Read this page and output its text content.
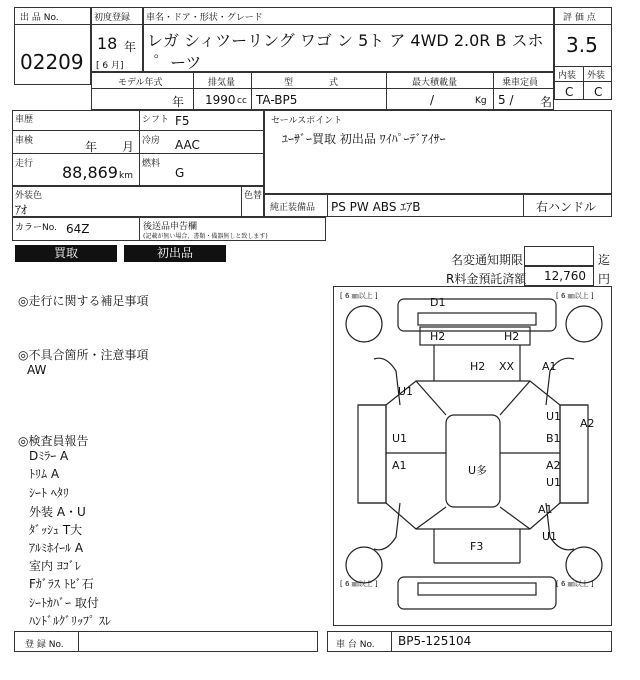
出 品 No.
02209
初度登録
18 年
[ 6 月]
車名・ドア・形状・グレード
レガ シィツーリング ワゴ ン 5ト ア 4WD 2.0R B スホ
゜ーツ
評 価 点
3.5
内装 外装
C C
モデル年式	排気量	型　　　　式	最大積載量	乗車定員
年 1990 cc TA-BP5	/	Kg 5 / 名
車歴
車検	年 月
走行 88,869 km
シフト F5
冷房 AAC
燃料
G
セールスポイント
ﾕｰｻﾞｰ買取 初出品 ﾜｲﾊﾟｰﾃﾞｱｲｻｰ
外装色
ｱｵ
色替
純正装備品 PS PW ABS ｴｱB	右ハンドル
カラーNo. 64Z	後送品申告欄
(記載が無い場合、書類・備器無しと致します)
買取	初出品	名変通知期限	迄
R料金預託済額 12,760 円
◎走行に関する補足事項
◎不具合箇所・注意事項
AW
◎検査員報告
Dﾐﾗｰ A
ﾄﾘﾑ A
ｼｰﾄ ﾍﾀﾘ
外装 A・U
ﾀﾞｯｼｭ T大
ｱﾙﾐﾎｲｰﾙ A
室内 ﾖｺﾞﾚ
Fｶﾞﾗｽ ﾄﾋﾞ石
ｼｰﾄｶﾊﾞｰ 取付
ﾊﾝﾄﾞﾙｸﾞﾘｯﾌﾟ ｽﾚ
[ 6 ㎜以上 ]	[ 6 ㎜以上 ]
[ 6 ㎜以上 ]	[ 6 ㎜以上 ]
D1
H2	H2
H2 XX	A1
U1
U1
A2
U1
B1
U1
A1	U多	A2
A1
U1
F3
登 録 No.	車 台 No. BP5-125104
